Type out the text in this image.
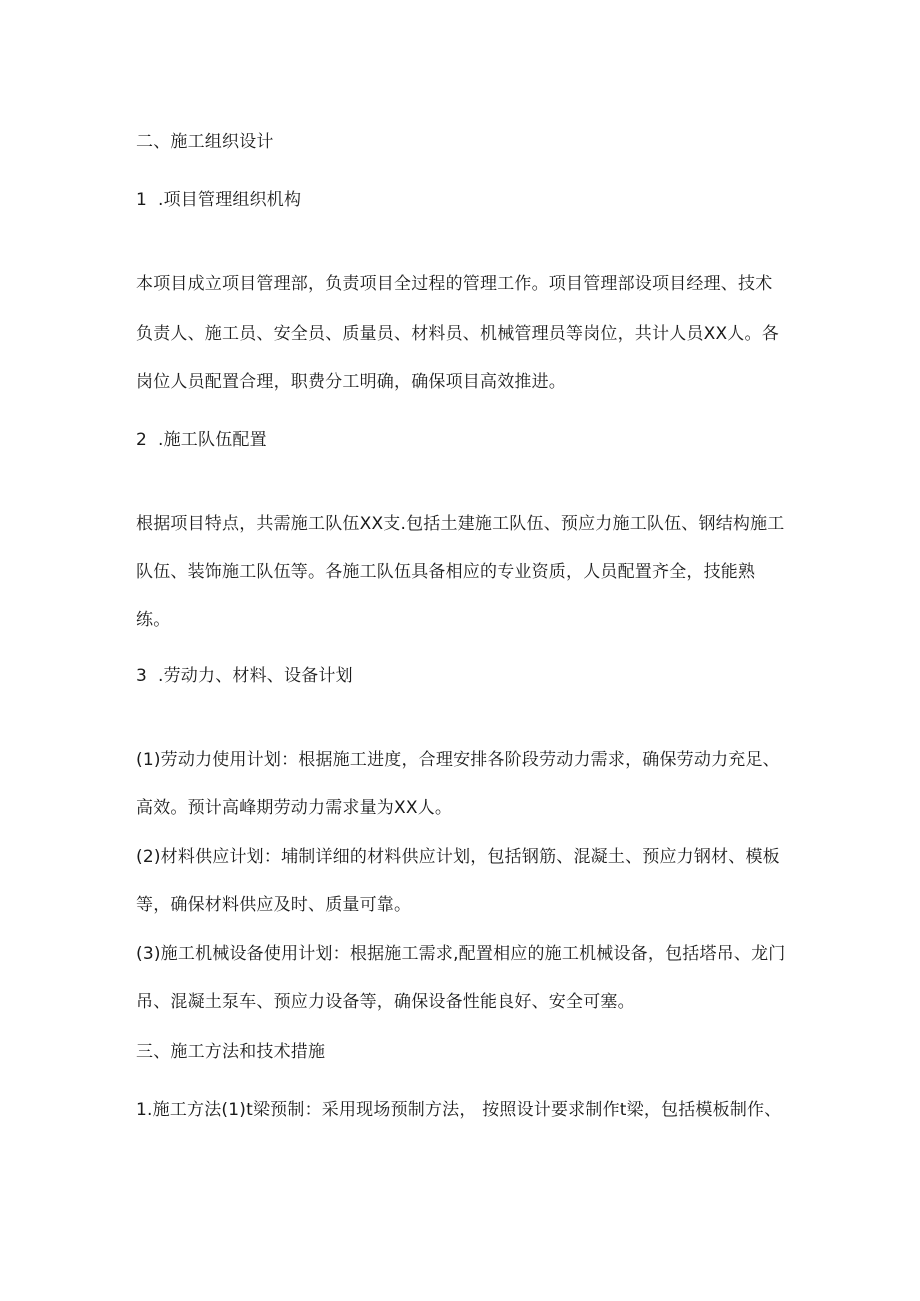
二、施工组织设计

1 .项目管理组织机构

本项目成立项目管理部，负责项目全过程的管理工作。项目管理部设项目经理、技术

负责人、施工员、安全员、质量员、材料员、机械管理员等岗位，共计人员XX人。各

岗位人员配置合理，职费分工明确，确保项目高效推进。

2 .施工队伍配置

根据项目特点，共需施工队伍XX支.包括土建施工队伍、预应力施工队伍、钢结构施工

队伍、装饰施工队伍等。各施工队伍具备相应的专业资质，人员配置齐全，技能熟

练。

3 .劳动力、材料、设备计划

(1)劳动力使用计划：根据施工进度，合理安排各阶段劳动力需求，确保劳动力充足、

高效。预计高峰期劳动力需求量为XX人。

(2)材料供应计划：埔制详细的材料供应计划，包括钢筋、混凝土、预应力钢材、模板

等，确保材料供应及时、质量可靠。

(3)施工机械设备使用计划：根据施工需求,配置相应的施工机械设备，包括塔吊、龙门

吊、混凝土泵车、预应力设备等，确保设备性能良好、安全可塞。

三、施工方法和技术措施

1.施工方法(1)t梁预制：采用现场预制方法， 按照设计要求制作t梁，包括模板制作、
